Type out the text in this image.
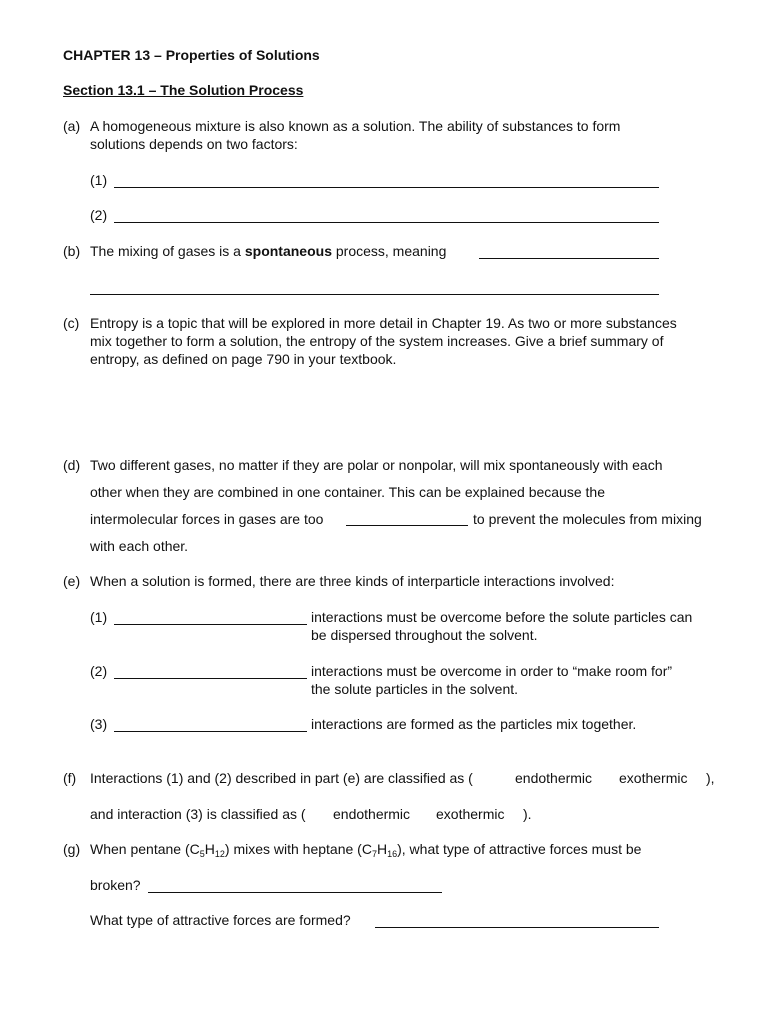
CHAPTER 13 – Properties of Solutions
Section 13.1 – The Solution Process
(a) A homogeneous mixture is also known as a solution. The ability of substances to form
solutions depends on two factors:
(1)
(2)
(b) The mixing of gases is a spontaneous process, meaning
(c) Entropy is a topic that will be explored in more detail in Chapter 19. As two or more substances
mix together to form a solution, the entropy of the system increases. Give a brief summary of
entropy, as defined on page 790 in your textbook.
(d) Two different gases, no matter if they are polar or nonpolar, will mix spontaneously with each
other when they are combined in one container. This can be explained because the
intermolecular forces in gases are too	to prevent the molecules from mixing
with each other.
(e) When a solution is formed, there are three kinds of interparticle interactions involved:
(1)	interactions must be overcome before the solute particles can
be dispersed throughout the solvent.
(2)	interactions must be overcome in order to “make room for”
the solute particles in the solvent.
(3)	interactions are formed as the particles mix together.
(f) Interactions (1) and (2) described in part (e) are classified as (	endothermic exothermic ),
and interaction (3) is classified as ( endothermic exothermic ).
(g) When pentane $(C_5H_{12})$ mixes with heptane $(C_7H_{16})$, what type of attractive forces must be
broken?
What type of attractive forces are formed?
